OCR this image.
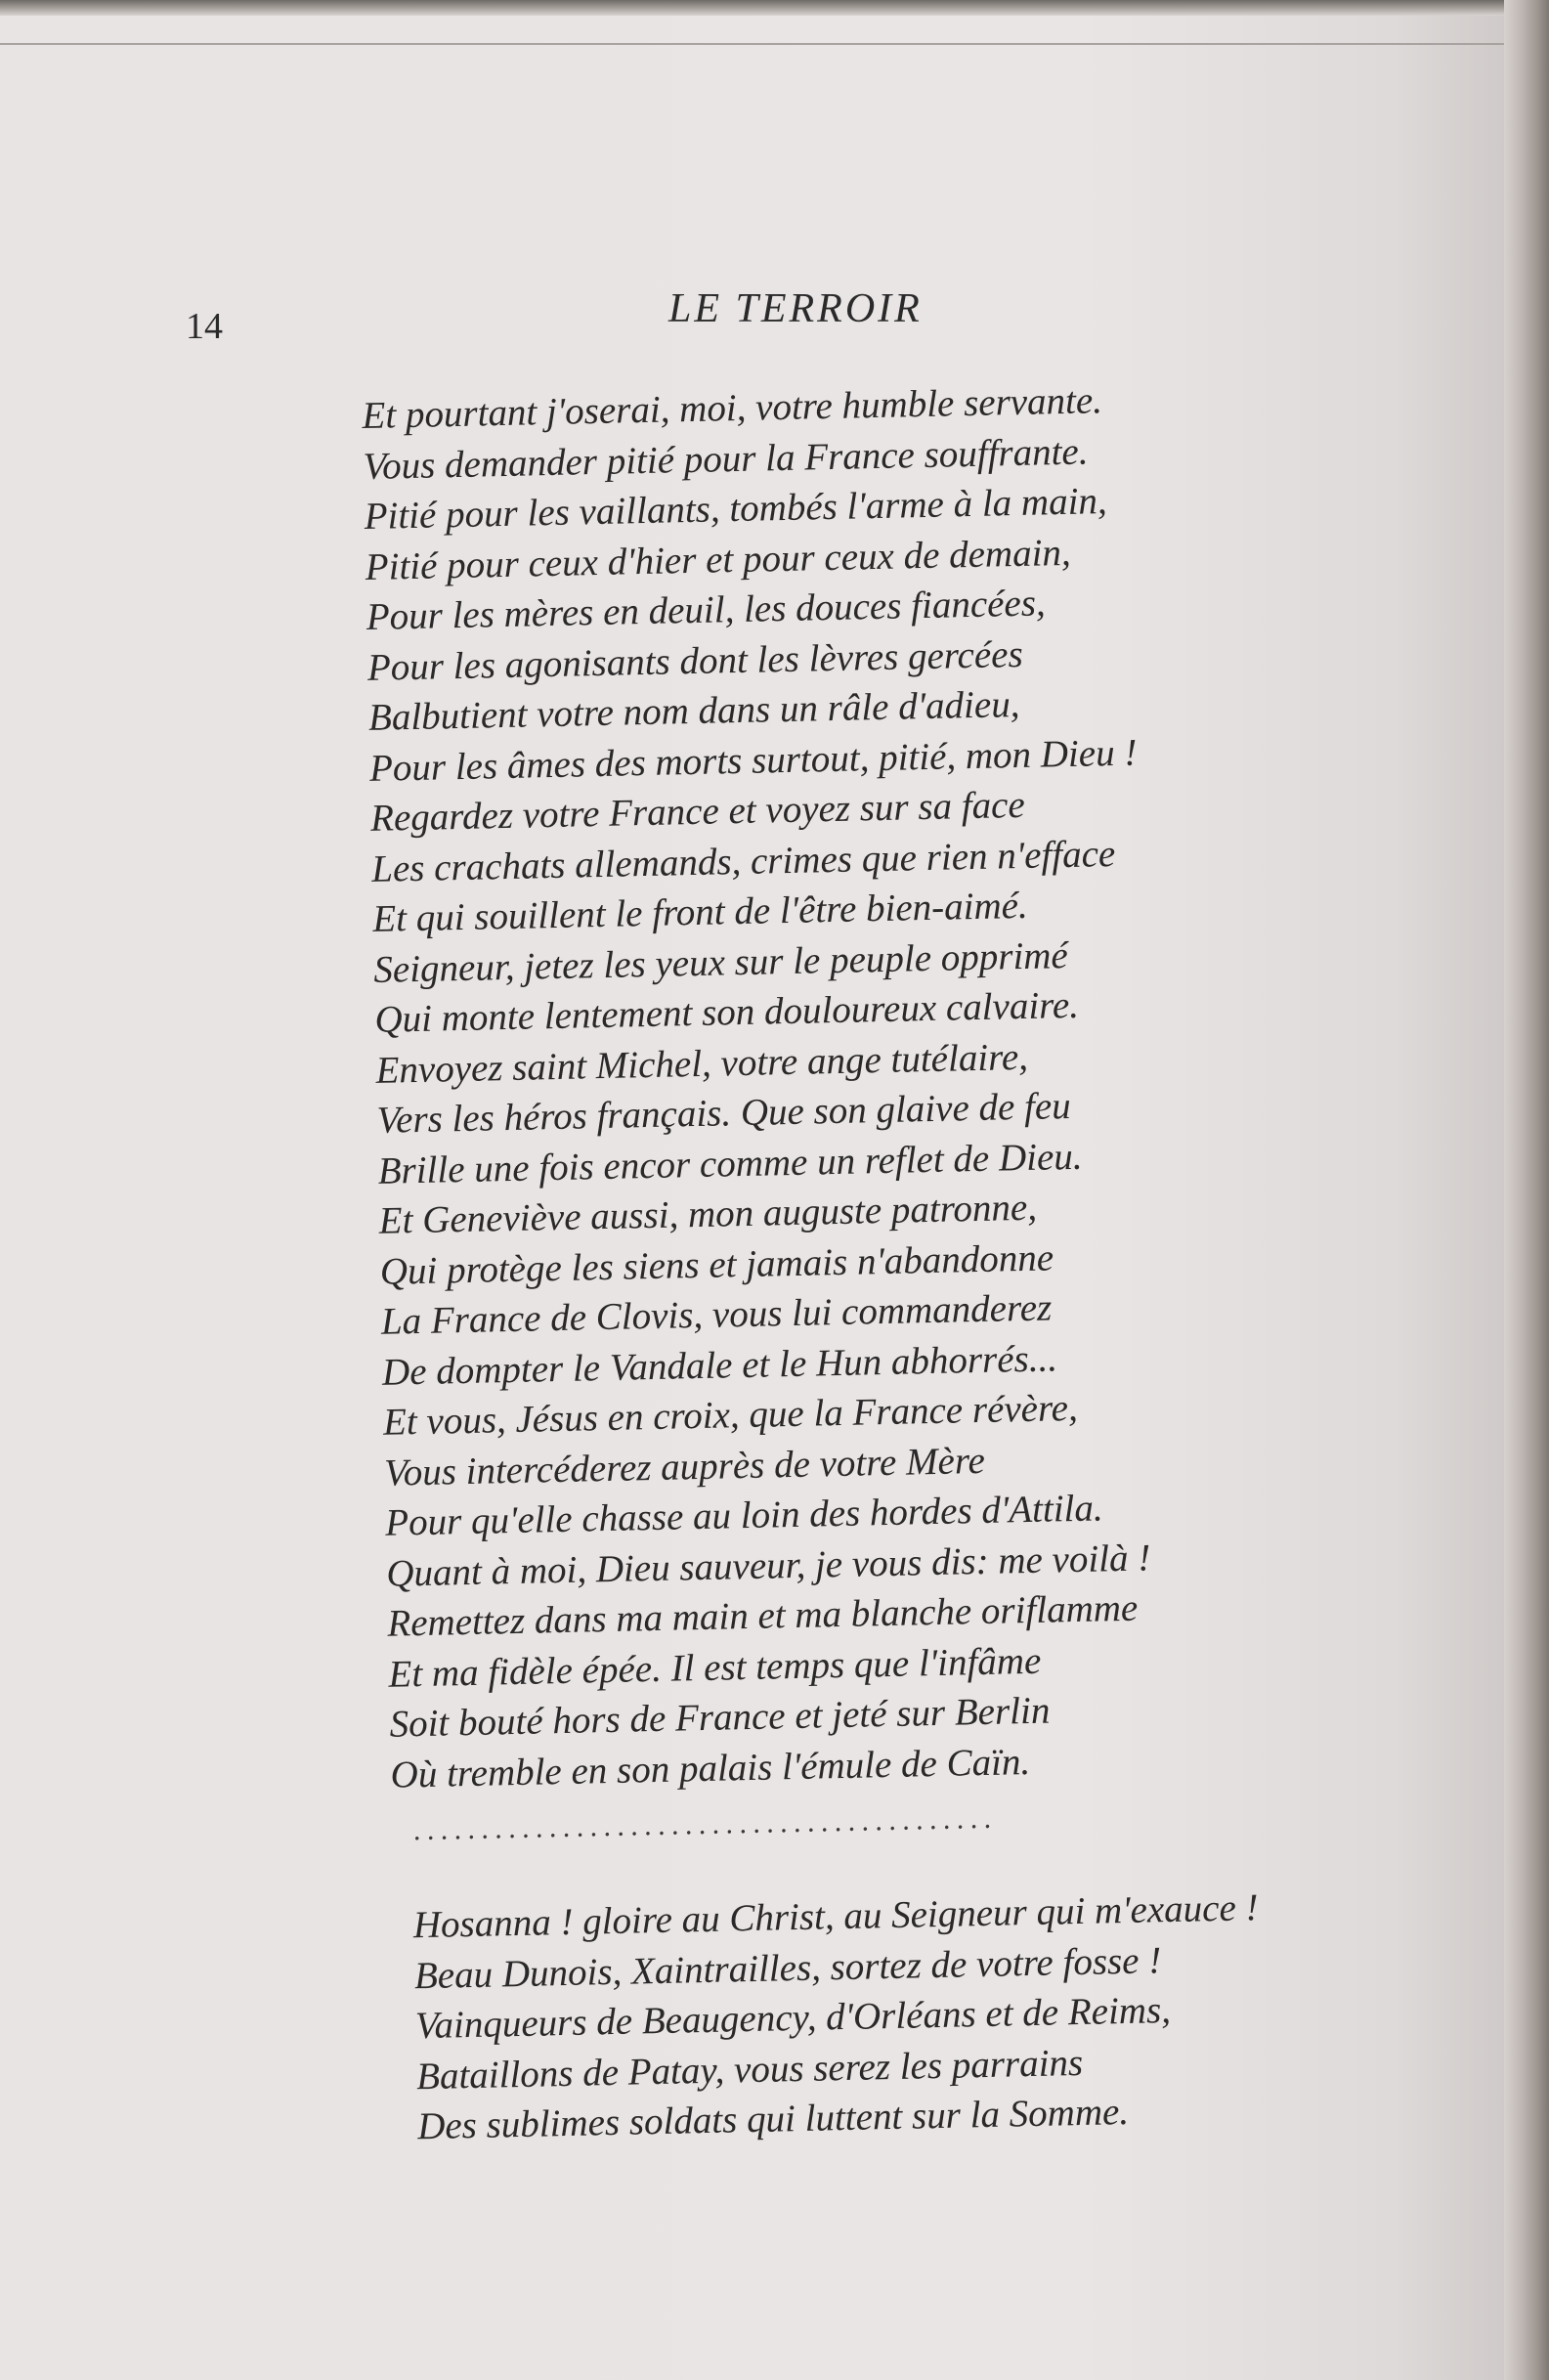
14	LE TERROIR
Et pourtant j'oserai, moi, votre humble servante.
Vous demander pitié pour la France souffrante.
Pitié pour les vaillants, tombés l'arme à la main,
Pitié pour ceux d'hier et pour ceux de demain,
Pour les mères en deuil, les douces fiancées,
Pour les agonisants dont les lèvres gercées
Balbutient votre nom dans un râle d'adieu,
Pour les âmes des morts surtout, pitié, mon Dieu !
Regardez votre France et voyez sur sa face
Les crachats allemands, crimes que rien n'efface
Et qui souillent le front de l'être bien-aimé.
Seigneur, jetez les yeux sur le peuple opprimé
Qui monte lentement son douloureux calvaire.
Envoyez saint Michel, votre ange tutélaire,
Vers les héros français. Que son glaive de feu
Brille une fois encor comme un reflet de Dieu.
Et Geneviève aussi, mon auguste patronne,
Qui protège les siens et jamais n'abandonne
La France de Clovis, vous lui commanderez
De dompter le Vandale et le Hun abhorrés...
Et vous, Jésus en croix, que la France révère,
Vous intercéderez auprès de votre Mère
Pour qu'elle chasse au loin des hordes d'Attila.
Quant à moi, Dieu sauveur, je vous dis: me voilà !
Remettez dans ma main et ma blanche oriflamme
Et ma fidèle épée. Il est temps que l'infâme
Soit bouté hors de France et jeté sur Berlin
Où tremble en son palais l'émule de Caïn.
...........................................
Hosanna ! gloire au Christ, au Seigneur qui m'exauce !
Beau Dunois, Xaintrailles, sortez de votre fosse !
Vainqueurs de Beaugency, d'Orléans et de Reims,
Bataillons de Patay, vous serez les parrains
Des sublimes soldats qui luttent sur la Somme.
